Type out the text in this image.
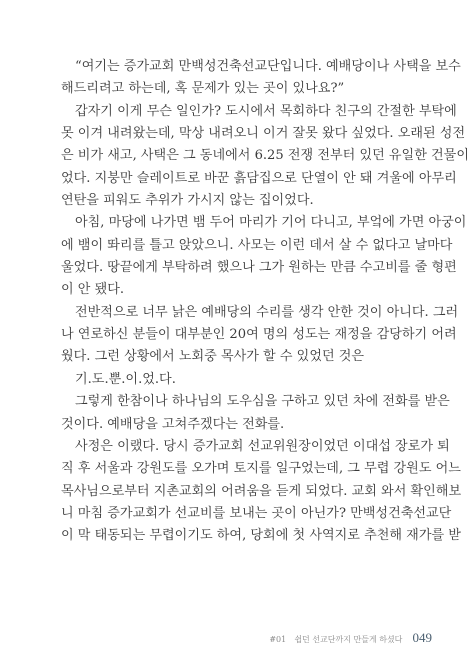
“여기는 증가교회 만백성건축선교단입니다. 예배당이나 사택을 보수
해드리려고 하는데, 혹 문제가 있는 곳이 있나요?”
갑자기 이게 무슨 일인가? 도시에서 목회하다 친구의 간절한 부탁에
못 이겨 내려왔는데, 막상 내려오니 이거 잘못 왔다 싶었다. 오래된 성전
은 비가 새고, 사택은 그 동네에서 6.25 전쟁 전부터 있던 유일한 건물이
었다. 지붕만 슬레이트로 바꾼 흙담집으로 단열이 안 돼 겨울에 아무리
연탄을 피워도 추위가 가시지 않는 집이었다.
아침, 마당에 나가면 뱀 두어 마리가 기어 다니고, 부엌에 가면 아궁이
에 뱀이 똬리를 틀고 앉았으니. 사모는 이런 데서 살 수 없다고 날마다
울었다. 땅끝에게 부탁하려 했으나 그가 원하는 만큼 수고비를 줄 형편
이 안 됐다.
전반적으로 너무 낡은 예배당의 수리를 생각 안한 것이 아니다. 그러
나 연로하신 분들이 대부분인 20여 명의 성도는 재정을 감당하기 어려
웠다. 그런 상황에서 노회중 목사가 할 수 있었던 것은
기.도.뿐.이.었.다.
그렇게 한참이나 하나님의 도우심을 구하고 있던 차에 전화를 받은
것이다. 예배당을 고쳐주겠다는 전화를.
사정은 이랬다. 당시 증가교회 선교위원장이었던 이대섭 장로가 퇴
직 후 서울과 강원도를 오가며 토지를 일구었는데, 그 무렵 강원도 어느
목사님으로부터 지촌교회의 어려움을 듣게 되었다. 교회 와서 확인해보
니 마침 증가교회가 선교비를 보내는 곳이 아닌가? 만백성건축선교단
이 막 태동되는 무렵이기도 하여, 당회에 첫 사역지로 추천해 재가를 받
#01 쉽던 선교단까지 만들게 하셨다 049
